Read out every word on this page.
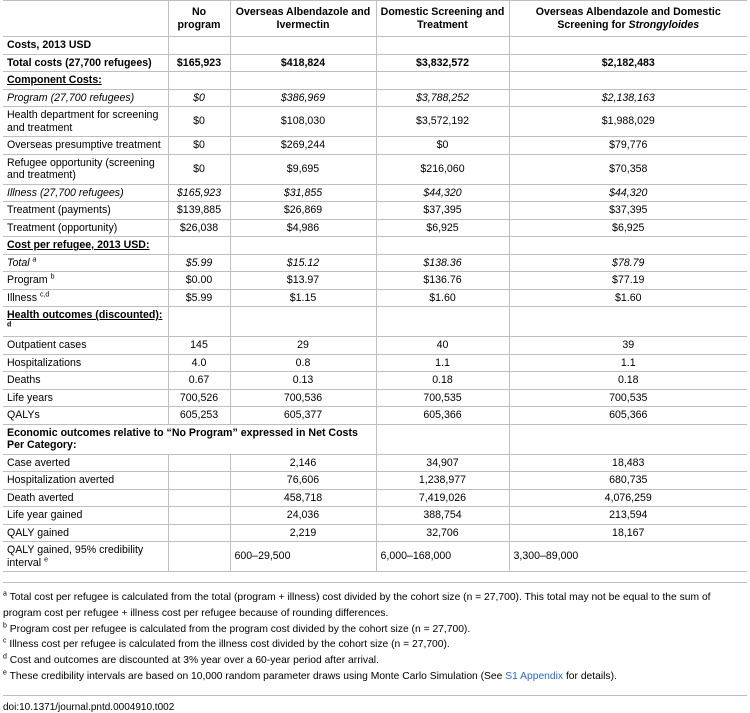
	No program	Overseas Albendazole and Ivermectin	Domestic Screening and Treatment	Overseas Albendazole and Domestic Screening for Strongyloides
Costs, 2013 USD				
Total costs (27,700 refugees)	$165,923	$418,824	$3,832,572	$2,182,483
Component Costs:				
Program (27,700 refugees)	$0	$386,969	$3,788,252	$2,138,163
Health department for screening and treatment	$0	$108,030	$3,572,192	$1,988,029
Overseas presumptive treatment	$0	$269,244	$0	$79,776
Refugee opportunity (screening and treatment)	$0	$9,695	$216,060	$70,358
Illness (27,700 refugees)	$165,923	$31,855	$44,320	$44,320
Treatment (payments)	$139,885	$26,869	$37,395	$37,395
Treatment (opportunity)	$26,038	$4,986	$6,925	$6,925
Cost per refugee, 2013 USD:				
Total $^a$	$5.99	$15.12	$138.36	$78.79
Program $^b$	$0.00	$13.97	$136.76	$77.19
Illness $^{c,d}$	$5.99	$1.15	$1.60	$1.60
Health outcomes (discounted): $^d$				
Outpatient cases	145	29	40	39
Hospitalizations	4.0	0.8	1.1	1.1
Deaths	0.67	0.13	0.18	0.18
Life years	700,526	700,536	700,535	700,535
QALYs	605,253	605,377	605,366	605,366
Economic outcomes relative to “No Program” expressed in Net Costs Per Category:				
Case averted		2,146	34,907	18,483
Hospitalization averted		76,606	1,238,977	680,735
Death averted		458,718	7,419,026	4,076,259
Life year gained		24,036	388,754	213,594
QALY gained		2,219	32,706	18,167
QALY gained, 95% credibility interval $^e$		600–29,500	6,000–168,000	3,300–89,000

$^a$ Total cost per refugee is calculated from the total (program + illness) cost divided by the cohort size (n = 27,700). This total may not be equal to the sum of program cost per refugee + illness cost per refugee because of rounding differences.

$^b$ Program cost per refugee is calculated from the program cost divided by the cohort size (n = 27,700).

$^c$ Illness cost per refugee is calculated from the illness cost divided by the cohort size (n = 27,700).

$^d$ Cost and outcomes are discounted at 3% year over a 60-year period after arrival.

$^e$ These credibility intervals are based on 10,000 random parameter draws using Monte Carlo Simulation (See S1 Appendix for details).

doi:10.1371/journal.pntd.0004910.t002
